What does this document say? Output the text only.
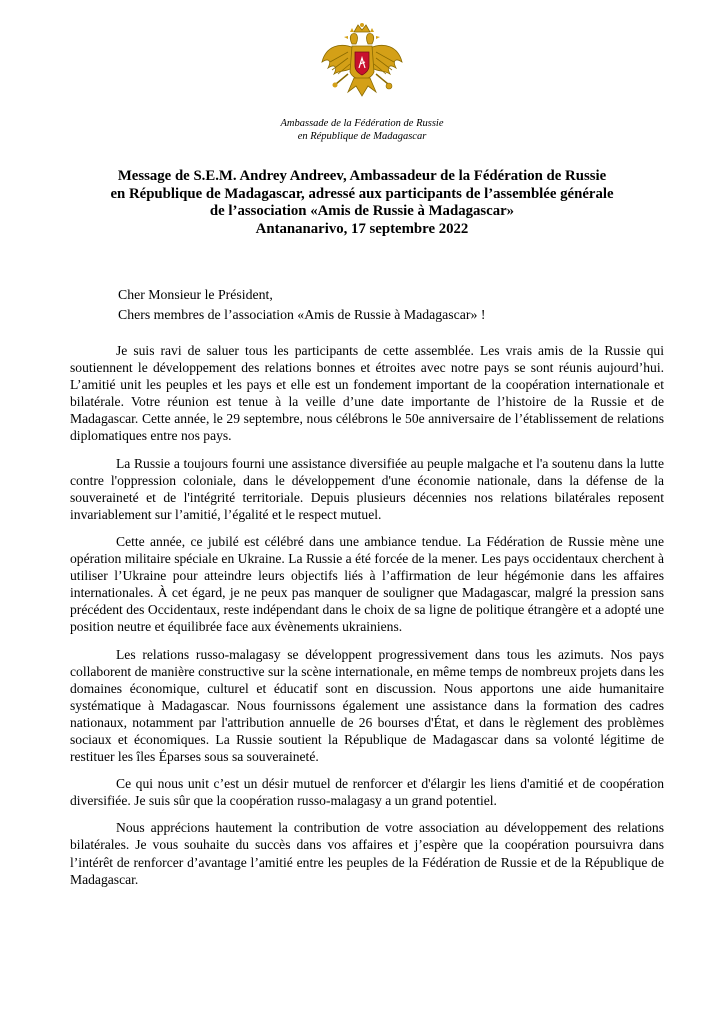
Ambassade de la Fédération de Russie
en République de Madagascar
Message de S.E.M. Andrey Andreev, Ambassadeur de la Fédération de Russie
en République de Madagascar, adressé aux participants de l’assemblée générale
de l’association «Amis de Russie à Madagascar»
Antananarivo, 17 septembre 2022
Cher Monsieur le Président,
Chers membres de l’association «Amis de Russie à Madagascar» !

Je suis ravi de saluer tous les participants de cette assemblée. Les vrais amis de la Russie qui soutiennent le développement des relations bonnes et étroites avec notre pays se sont réunis aujourd’hui. L’amitié unit les peuples et les pays et elle est un fondement important de la coopération internationale et bilatérale. Votre réunion est tenue à la veille d’une date importante de l’histoire de la Russie et de Madagascar. Cette année, le 29 septembre, nous célébrons le 50e anniversaire de l’établissement de relations diplomatiques entre nos pays.

La Russie a toujours fourni une assistance diversifiée au peuple malgache et l'a soutenu dans la lutte contre l'oppression coloniale, dans le développement d'une économie nationale, dans la défense de la souveraineté et de l'intégrité territoriale. Depuis plusieurs décennies nos relations bilatérales reposent invariablement sur l’amitié, l’égalité et le respect mutuel.

Cette année, ce jubilé est célébré dans une ambiance tendue. La Fédération de Russie mène une opération militaire spéciale en Ukraine. La Russie a été forcée de la mener. Les pays occidentaux cherchent à utiliser l’Ukraine pour atteindre leurs objectifs liés à l’affirmation de leur hégémonie dans les affaires internationales. À cet égard, je ne peux pas manquer de souligner que Madagascar, malgré la pression sans précédent des Occidentaux, reste indépendant dans le choix de sa ligne de politique étrangère et a adopté une position neutre et équilibrée face aux évènements ukrainiens.

Les relations russo-malagasy se développent progressivement dans tous les azimuts. Nos pays collaborent de manière constructive sur la scène internationale, en même temps de nombreux projets dans les domaines économique, culturel et éducatif sont en discussion. Nous apportons une aide humanitaire systématique à Madagascar. Nous fournissons également une assistance dans la formation des cadres nationaux, notamment par l'attribution annuelle de 26 bourses d'État, et dans le règlement des problèmes sociaux et économiques. La Russie soutient la République de Madagascar dans sa volonté légitime de restituer les îles Éparses sous sa souveraineté.

Ce qui nous unit c’est un désir mutuel de renforcer et d'élargir les liens d'amitié et de coopération diversifiée. Je suis sûr que la coopération russo-malagasy a un grand potentiel.

Nous apprécions hautement la contribution de votre association au développement des relations bilatérales. Je vous souhaite du succès dans vos affaires et j’espère que la coopération poursuivra dans l’intérêt de renforcer d’avantage l’amitié entre les peuples de la Fédération de Russie et de la République de Madagascar.
